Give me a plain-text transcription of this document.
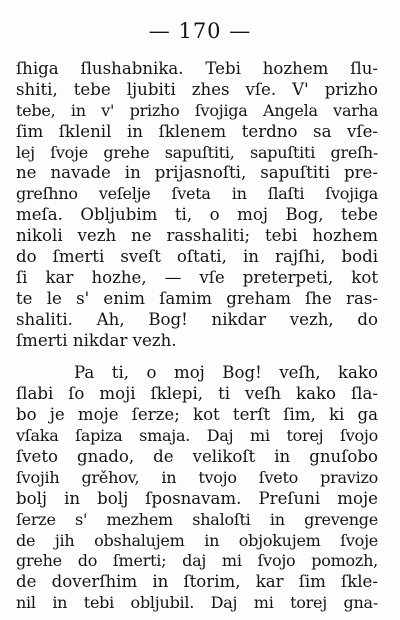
— 170 —
ſhiga ſlushabnika. Tebi hozhem ſlu-
shiti, tebe ljubiti zhes vſe. V' prizho
tebe, in v' prizho ſvojiga Angela varha
ſim ſklenil in ſklenem terdno sa vſe-
lej ſvoje grehe sapuſtiti, sapuſtiti greſh-
ne navade in prijasnoſti, sapuſtiti pre-
greſhno veſelje ſveta in ſlaſti ſvojiga
meſa. Obljubim ti, o moj Bog, tebe
nikoli vezh ne rasshaliti; tebi hozhem
do ſmerti sveſt oſtati, in rajſhi, bodi
ſi kar hozhe, — vſe preterpeti, kot
te le s' enim ſamim greham ſhe ras-
shaliti. Ah, Bog! nikdar vezh, do
ſmerti nikdar vezh.
Pa ti, o moj Bog! veſh, kako
ſlabi ſo moji ſklepi, ti veſh kako ſla-
bo je moje ſerze; kot terſt ſim, ki ga
vſaka ſapiza smaja. Daj mi torej ſvojo
ſveto gnado, de velikoſt in gnuſobo
ſvojih grěhov, in tvojo ſveto pravizo
bolj in bolj ſposnavam. Preſuni moje
ſerze s' mezhem shaloſti in grevenge
de jih obshalujem in objokujem ſvoje
grehe do ſmerti; daj mi ſvojo pomozh,
de doverſhim in ſtorim, kar ſim ſkle-
nil in tebi obljubil. Daj mi torej gna-
